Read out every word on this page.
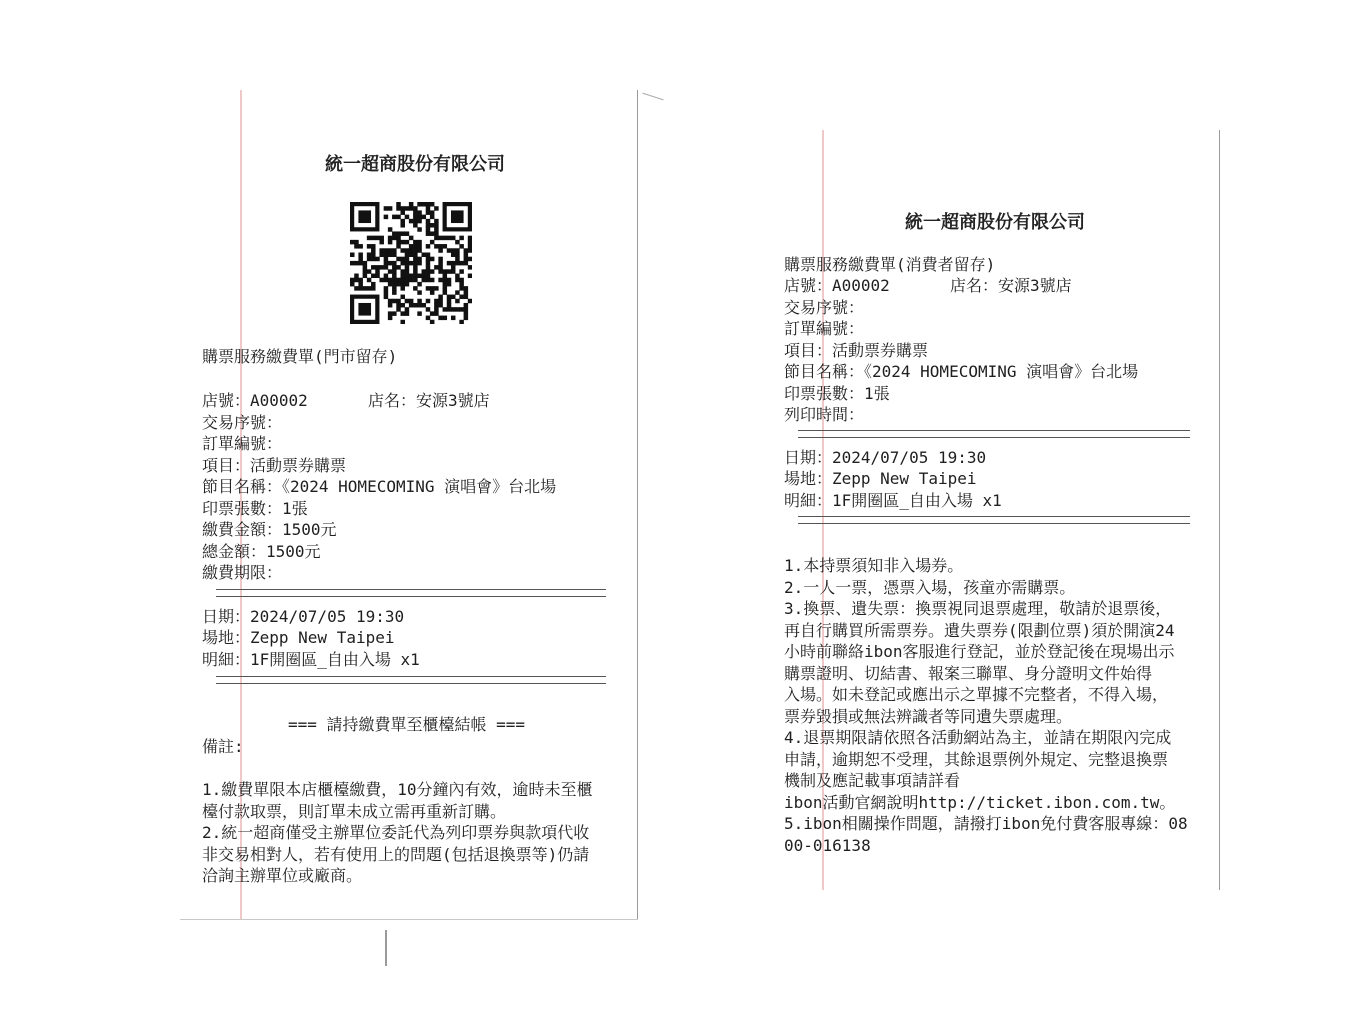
統一超商股份有限公司
購票服務繳費單(門市留存)
店號：A00002	店名：安源3號店
交易序號：
訂單編號：
項目：活動票券購票
節目名稱：《2024 HOMECOMING 演唱會》台北場
印票張數：1張
繳費金額：1500元
總金額：1500元
繳費期限：
日期：2024/07/05 19:30
場地：Zepp New Taipei
明細：1F開圈區_自由入場 x1
=== 請持繳費單至櫃檯結帳 ===
備註:
1.繳費單限本店櫃檯繳費，10分鐘內有效，逾時未至櫃
檯付款取票，則訂單未成立需再重新訂購。
2.統一超商僅受主辦單位委託代為列印票券與款項代收
非交易相對人，若有使用上的問題(包括退換票等)仍請
洽詢主辦單位或廠商。
統一超商股份有限公司
購票服務繳費單(消費者留存)
店號：A00002	店名：安源3號店
交易序號：
訂單編號：
項目：活動票券購票
節目名稱：《2024 HOMECOMING 演唱會》台北場
印票張數：1張
列印時間：
日期：2024/07/05 19:30
場地：Zepp New Taipei
明細：1F開圈區_自由入場 x1
1.本持票須知非入場券。
2.一人一票，憑票入場，孩童亦需購票。
3.換票、遺失票：換票視同退票處理，敬請於退票後，
再自行購買所需票券。遺失票券(限劃位票)須於開演24
小時前聯絡ibon客服進行登記，並於登記後在現場出示
購票證明、切結書、報案三聯單、身分證明文件始得
入場。如未登記或應出示之單據不完整者，不得入場，
票券毀損或無法辨識者等同遺失票處理。
4.退票期限請依照各活動網站為主，並請在期限內完成
申請，逾期恕不受理，其餘退票例外規定、完整退換票
機制及應記載事項請詳看
ibon活動官網說明http://ticket.ibon.com.tw。
5.ibon相關操作問題，請撥打ibon免付費客服專線：08
00-016138
